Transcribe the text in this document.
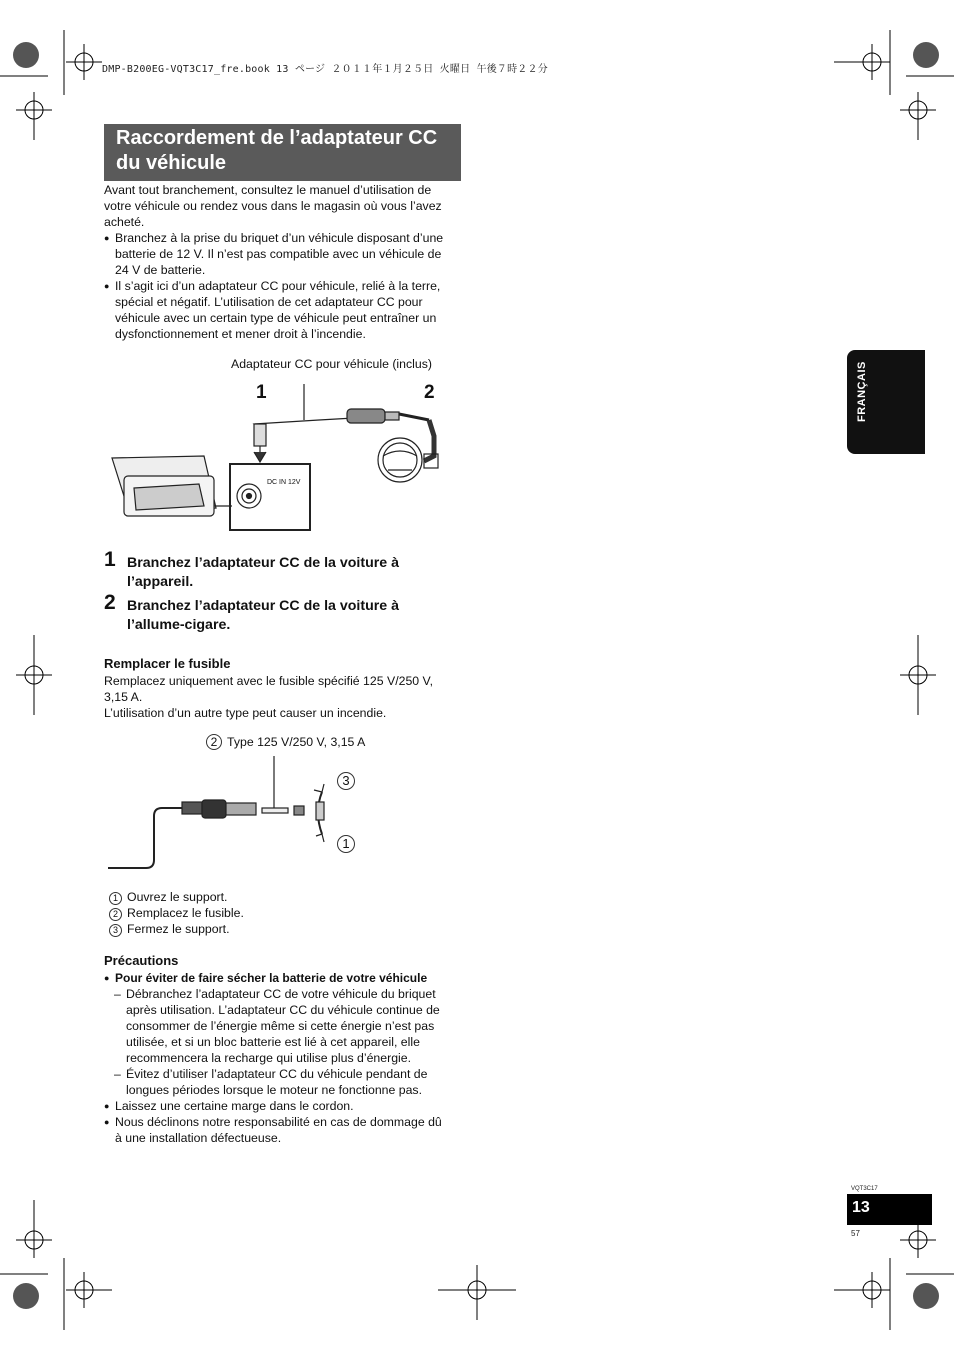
DMP-B200EG-VQT3C17_fre.book 13 ページ ２０１１年１月２５日 火曜日 午後７時２２分
Raccordement de l’adaptateur CC
du véhicule
Avant tout branchement, consultez le manuel d’utilisation de
votre véhicule ou rendez vous dans le magasin où vous l’avez
acheté.
● Branchez à la prise du briquet d’un véhicule disposant d’une
batterie de 12 V. Il n’est pas compatible avec un véhicule de
24 V de batterie.
● Il s’agit ici d’un adaptateur CC pour véhicule, relié à la terre,
spécial et négatif. L’utilisation de cet adaptateur CC pour
véhicule avec un certain type de véhicule peut entraîner un
dysfonctionnement et mener droit à l’incendie.
Adaptateur CC pour véhicule (inclus)
1	2
DC IN 12V
1 Branchez l’adaptateur CC de la voiture à
l’appareil.
2 Branchez l’adaptateur CC de la voiture à
l’allume-cigare.
Remplacer le fusible
Remplacez uniquement avec le fusible spécifié 125 V/250 V,
3,15 A.
L’utilisation d’un autre type peut causer un incendie.
2 Type 125 V/250 V, 3,15 A
3
1
1 Ouvrez le support.
2 Remplacez le fusible.
3 Fermez le support.
Précautions
● Pour éviter de faire sécher la batterie de votre véhicule
– Débranchez l’adaptateur CC de votre véhicule du briquet
après utilisation. L’adaptateur CC du véhicule continue de
consommer de l’énergie même si cette énergie n’est pas
utilisée, et si un bloc batterie est lié à cet appareil, elle
recommencera la recharge qui utilise plus d’énergie.
– Évitez d’utiliser l’adaptateur CC du véhicule pendant de
longues périodes lorsque le moteur ne fonctionne pas.
● Laissez une certaine marge dans le cordon.
● Nous déclinons notre responsabilité en cas de dommage dû
à une installation défectueuse.
FRANÇAIS
VQT3C17
13
57
